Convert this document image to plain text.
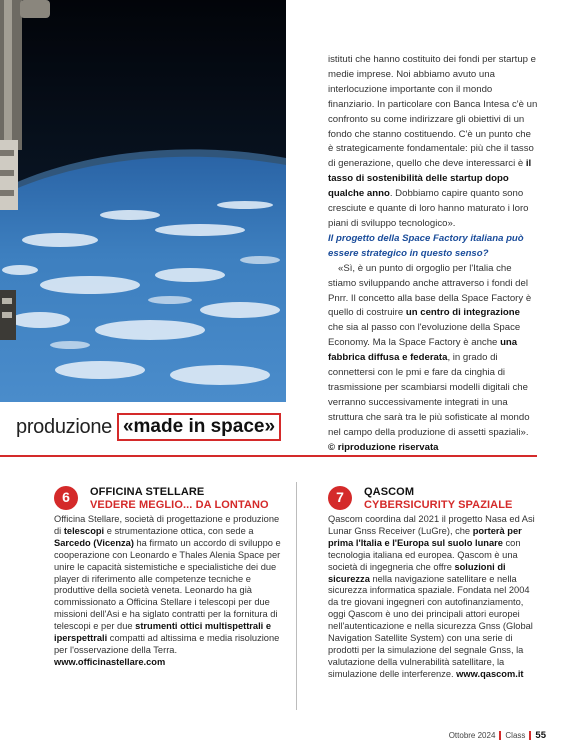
istituti che hanno costituito dei fondi per startup e medie imprese. Noi abbiamo avuto una interlocuzione importante con il mondo finanziario. In particolare con Banca Intesa c'è un confronto su come indirizzare gli obiettivi di un fondo che stanno costituendo. C'è un punto che è strategicamente fondamentale: più che il tasso di generazione, quello che deve interessarci è il tasso di sostenibilità delle startup dopo qualche anno. Dobbiamo capire quanto sono cresciute e quante di loro hanno maturato i loro piani di sviluppo tecnologico».

Il progetto della Space Factory italiana può essere strategico in questo senso?

«Sì, è un punto di orgoglio per l'Italia che stiamo sviluppando anche attraverso i fondi del Pnrr. Il concetto alla base della Space Factory è quello di costruire un centro di integrazione che sia al passo con l'evoluzione della Space Economy. Ma la Space Factory è anche una fabbrica diffusa e federata, in grado di connettersi con le pmi e fare da cinghia di trasmissione per scambiarsi modelli digitali che verranno successivamente integrati in una struttura che sarà tra le più sofisticate al mondo nel campo della produzione di assetti spaziali».

© riproduzione riservata

produzione «made in space»
6	OFFICINA STELLARE
VEDERE MEGLIO... DA LONTANO
Officina Stellare, società di progettazione e produzione di telescopi e strumentazione ottica, con sede a Sarcedo (Vicenza) ha firmato un accordo di sviluppo e cooperazione con Leonardo e Thales Alenia Space per unire le capacità sistemistiche e specialistiche dei due player di riferimento alle competenze tecniche e produttive della società veneta. Leonardo ha già commissionato a Officina Stellare i telescopi per due missioni dell'Asi e ha siglato contratti per la fornitura di telescopi e per due strumenti ottici multispettrali e iperspettrali compatti ad altissima e media risoluzione per l'osservazione della Terra. www.officinastellare.com
7	QASCOM
CYBERSICURITY SPAZIALE
Qascom coordina dal 2021 il progetto Nasa ed Asi Lunar Gnss Receiver (LuGre), che porterà per prima l'Italia e l'Europa sul suolo lunare con tecnologia italiana ed europea. Qascom è una società di ingegneria che offre soluzioni di sicurezza nella navigazione satellitare e nella sicurezza informatica spaziale. Fondata nel 2004 da tre giovani ingegneri con autofinanziamento, oggi Qascom è uno dei principali attori europei nell'autenticazione e nella sicurezza Gnss (Global Navigation Satellite System) con una serie di prodotti per la simulazione del segnale Gnss, la valutazione della vulnerabilità satellitare, la simulazione delle interferenze. www.qascom.it
Ottobre 2024 Class 55
